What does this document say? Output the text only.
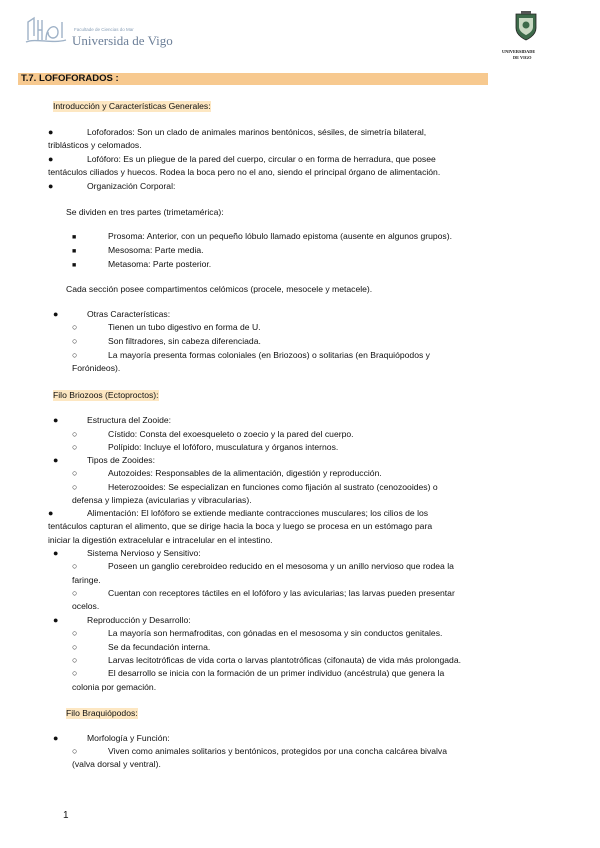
Facultade de Ciencias do Mar
Universida de Vigo
UNIVERSIDADE
DE VIGO
T.7. LOFOFORADOS :
Introducción y Características Generales:
●	Lofoforados: Son un clado de animales marinos bentónicos, sésiles, de simetría bilateral,
triblásticos y celomados.
●	Lofóforo: Es un pliegue de la pared del cuerpo, circular o en forma de herradura, que posee
tentáculos ciliados y huecos. Rodea la boca pero no el ano, siendo el principal órgano de alimentación.
●	Organización Corporal:
Se dividen en tres partes (trimetamérica):
■	Prosoma: Anterior, con un pequeño lóbulo llamado epistoma (ausente en algunos grupos).
■	Mesosoma: Parte media.
■	Metasoma: Parte posterior.
Cada sección posee compartimentos celómicos (procele, mesocele y metacele).
●	Otras Características:
○	Tienen un tubo digestivo en forma de U.
○	Son filtradores, sin cabeza diferenciada.
○	La mayoría presenta formas coloniales (en Briozoos) o solitarias (en Braquiópodos y
Forónideos).
Filo Briozoos (Ectoproctos):
●	Estructura del Zooide:
○	Cístido: Consta del exoesqueleto o zoecio y la pared del cuerpo.
○	Polípido: Incluye el lofóforo, musculatura y órganos internos.
●	Tipos de Zooides:
○	Autozoides: Responsables de la alimentación, digestión y reproducción.
○	Heterozooides: Se especializan en funciones como fijación al sustrato (cenozooides) o
defensa y limpieza (avicularias y vibracularias).
●	Alimentación: El lofóforo se extiende mediante contracciones musculares; los cilios de los
tentáculos capturan el alimento, que se dirige hacia la boca y luego se procesa en un estómago para
iniciar la digestión extracelular e intracelular en el intestino.
●	Sistema Nervioso y Sensitivo:
○	Poseen un ganglio cerebroideo reducido en el mesosoma y un anillo nervioso que rodea la
faringe.
○	Cuentan con receptores táctiles en el lofóforo y las avicularias; las larvas pueden presentar
ocelos.
●	Reproducción y Desarrollo:
○	La mayoría son hermafroditas, con gónadas en el mesosoma y sin conductos genitales.
○	Se da fecundación interna.
○	Larvas lecitotróficas de vida corta o larvas plantotróficas (cifonauta) de vida más prolongada.
○	El desarrollo se inicia con la formación de un primer individuo (ancéstrula) que genera la
colonia por gemación.
Filo Braquiópodos:
●	Morfología y Función:
○	Viven como animales solitarios y bentónicos, protegidos por una concha calcárea bivalva
(valva dorsal y ventral).
1
